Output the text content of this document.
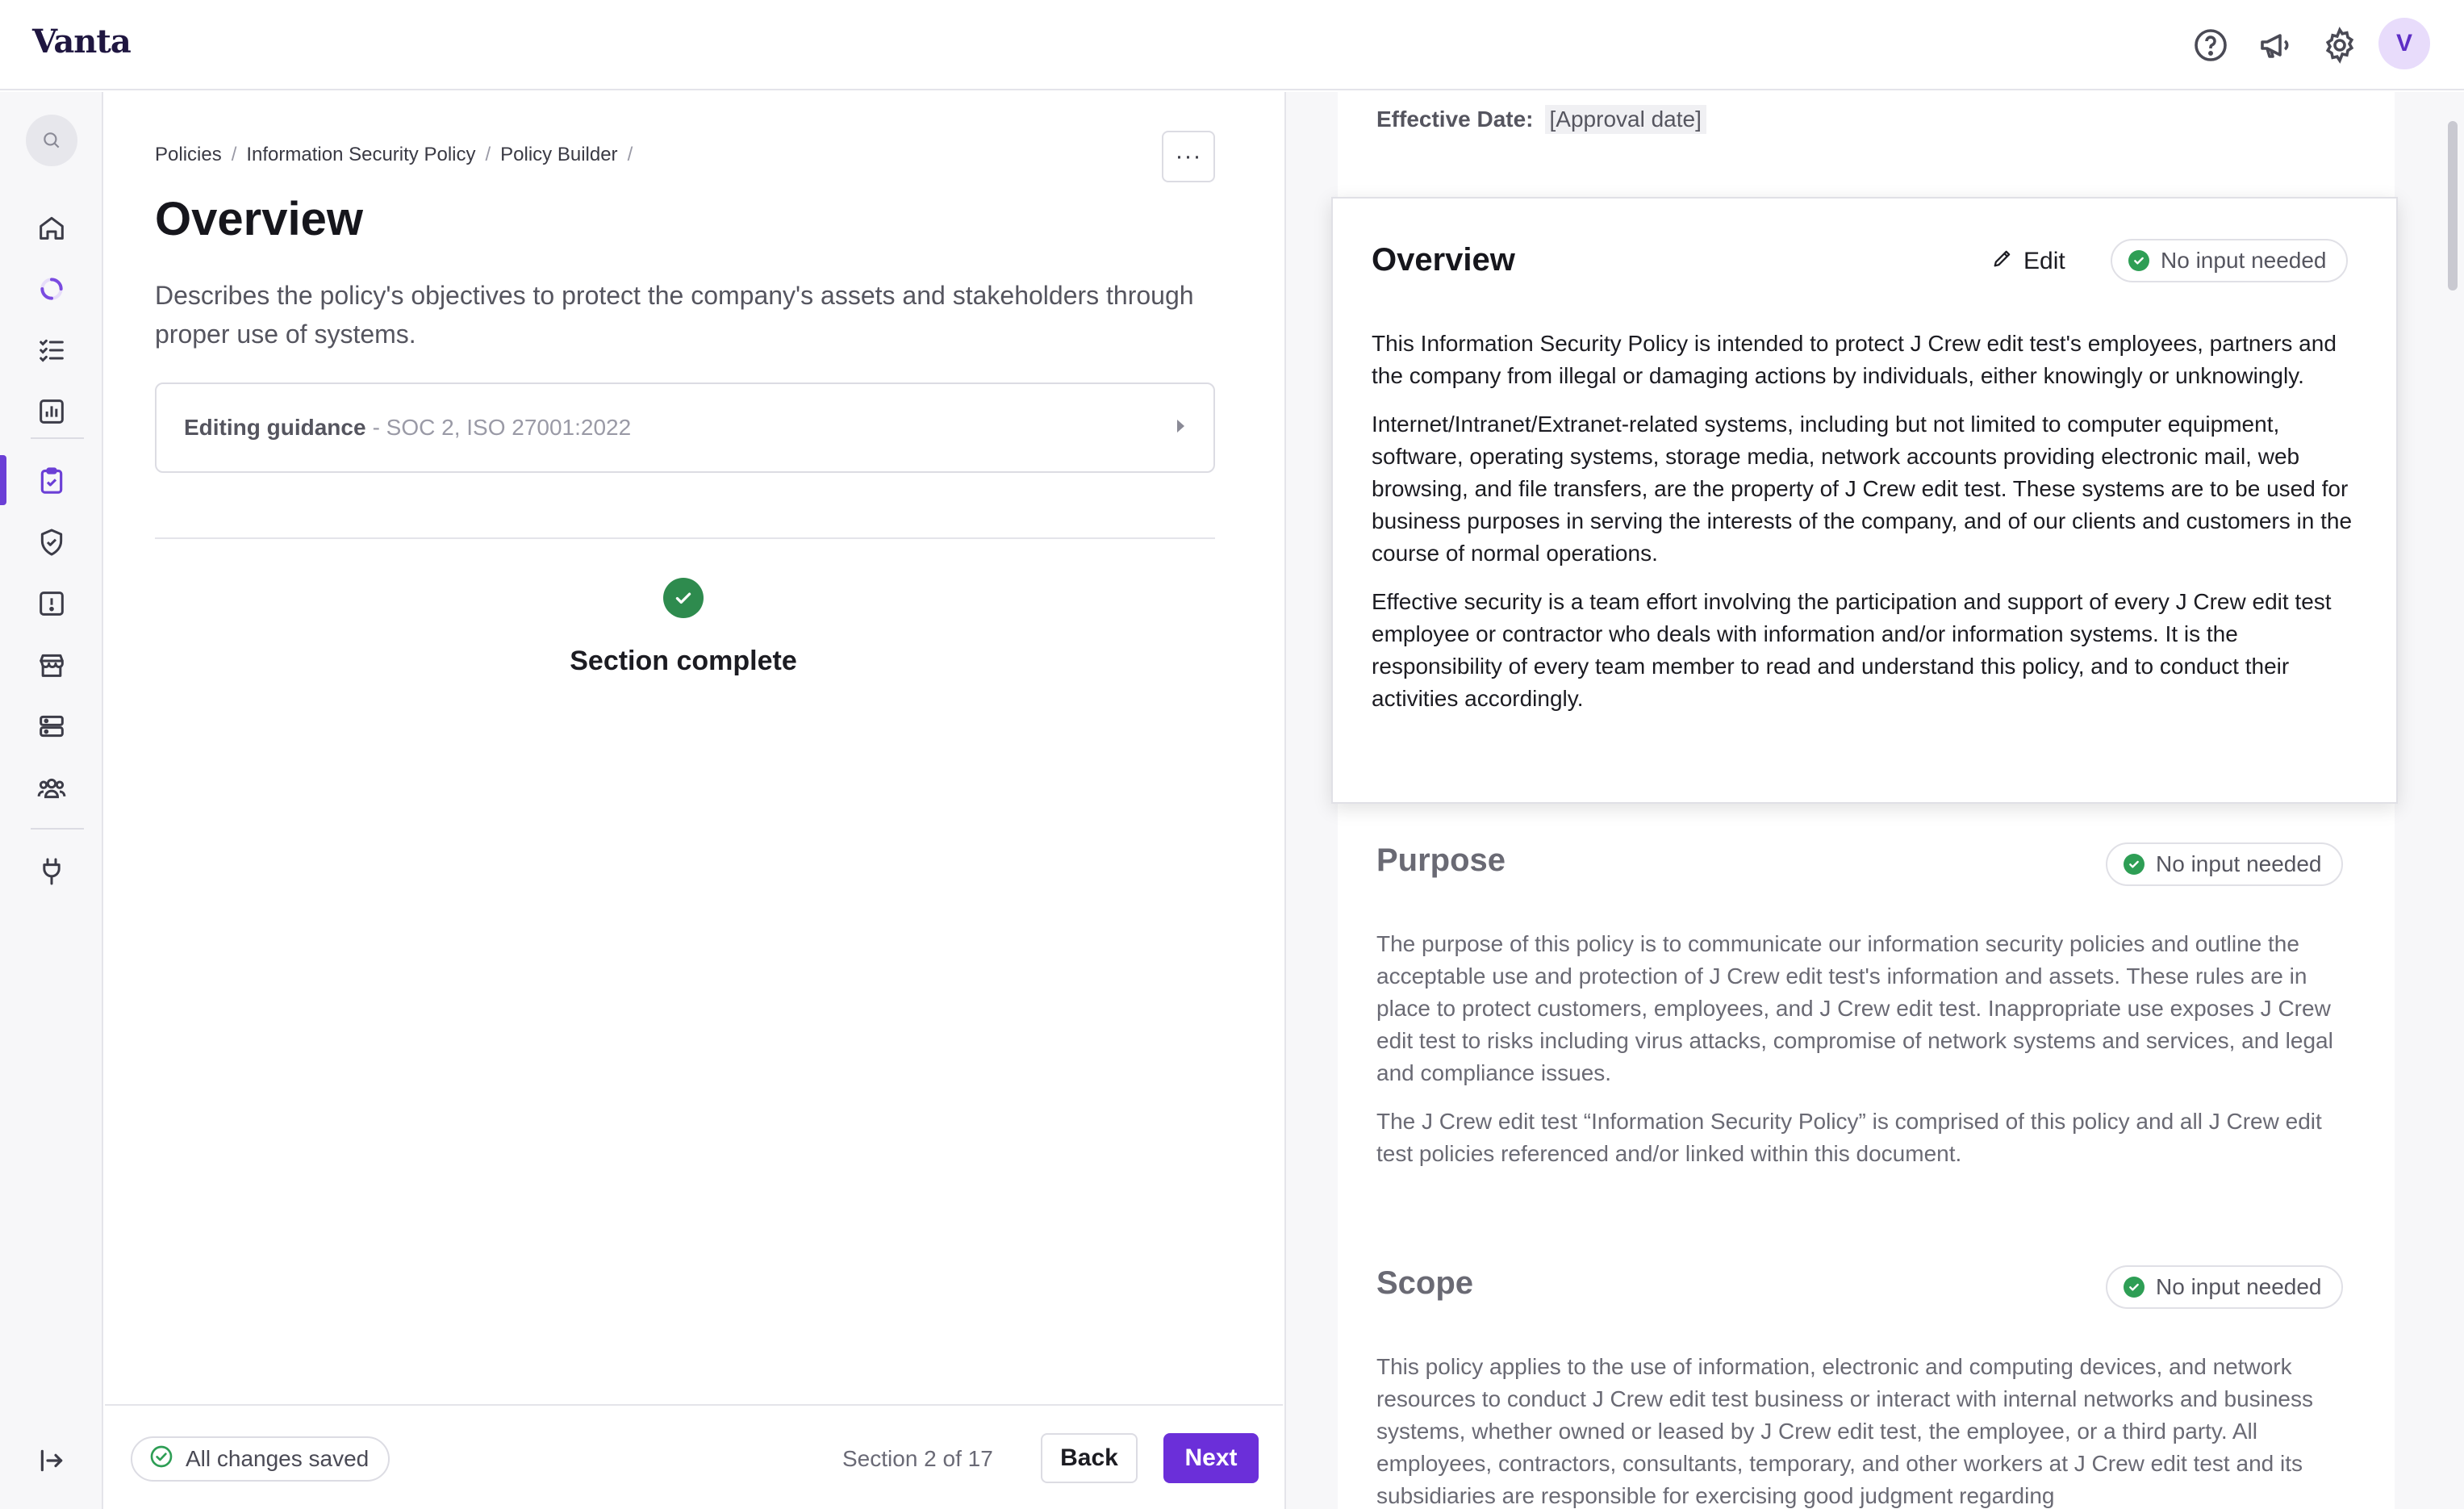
Vanta	V
Policies / Information Security Policy / Policy Builder /	···
Overview

Describes the policy's objectives to protect the company's assets and stakeholders through proper use of systems.

Editing guidance - SOC 2, ISO 27001:2022
Section complete
All changes saved	Section 2 of 17	Back	Next
Effective Date: [Approval date]
Purpose	No input needed

The purpose of this policy is to communicate our information security policies and outline the acceptable use and protection of J Crew edit test's information and assets. These rules are in place to protect customers, employees, and J Crew edit test. Inappropriate use exposes J Crew edit test to risks including virus attacks, compromise of network systems and services, and legal and compliance issues.

The J Crew edit test “Information Security Policy” is comprised of this policy and all J Crew edit test policies referenced and/or linked within this document.

Scope	No input needed

This policy applies to the use of information, electronic and computing devices, and network resources to conduct J Crew edit test business or interact with internal networks and business systems, whether owned or leased by J Crew edit test, the employee, or a third party. All employees, contractors, consultants, temporary, and other workers at J Crew edit test and its subsidiaries are responsible for exercising good judgment regarding

Overview	Edit	No input needed

This Information Security Policy is intended to protect J Crew edit test's employees, partners and the company from illegal or damaging actions by individuals, either knowingly or unknowingly.

Internet/Intranet/Extranet-related systems, including but not limited to computer equipment, software, operating systems, storage media, network accounts providing electronic mail, web browsing, and file transfers, are the property of J Crew edit test. These systems are to be used for business purposes in serving the interests of the company, and of our clients and customers in the course of normal operations.

Effective security is a team effort involving the participation and support of every J Crew edit test employee or contractor who deals with information and/or information systems. It is the responsibility of every team member to read and understand this policy, and to conduct their activities accordingly.
